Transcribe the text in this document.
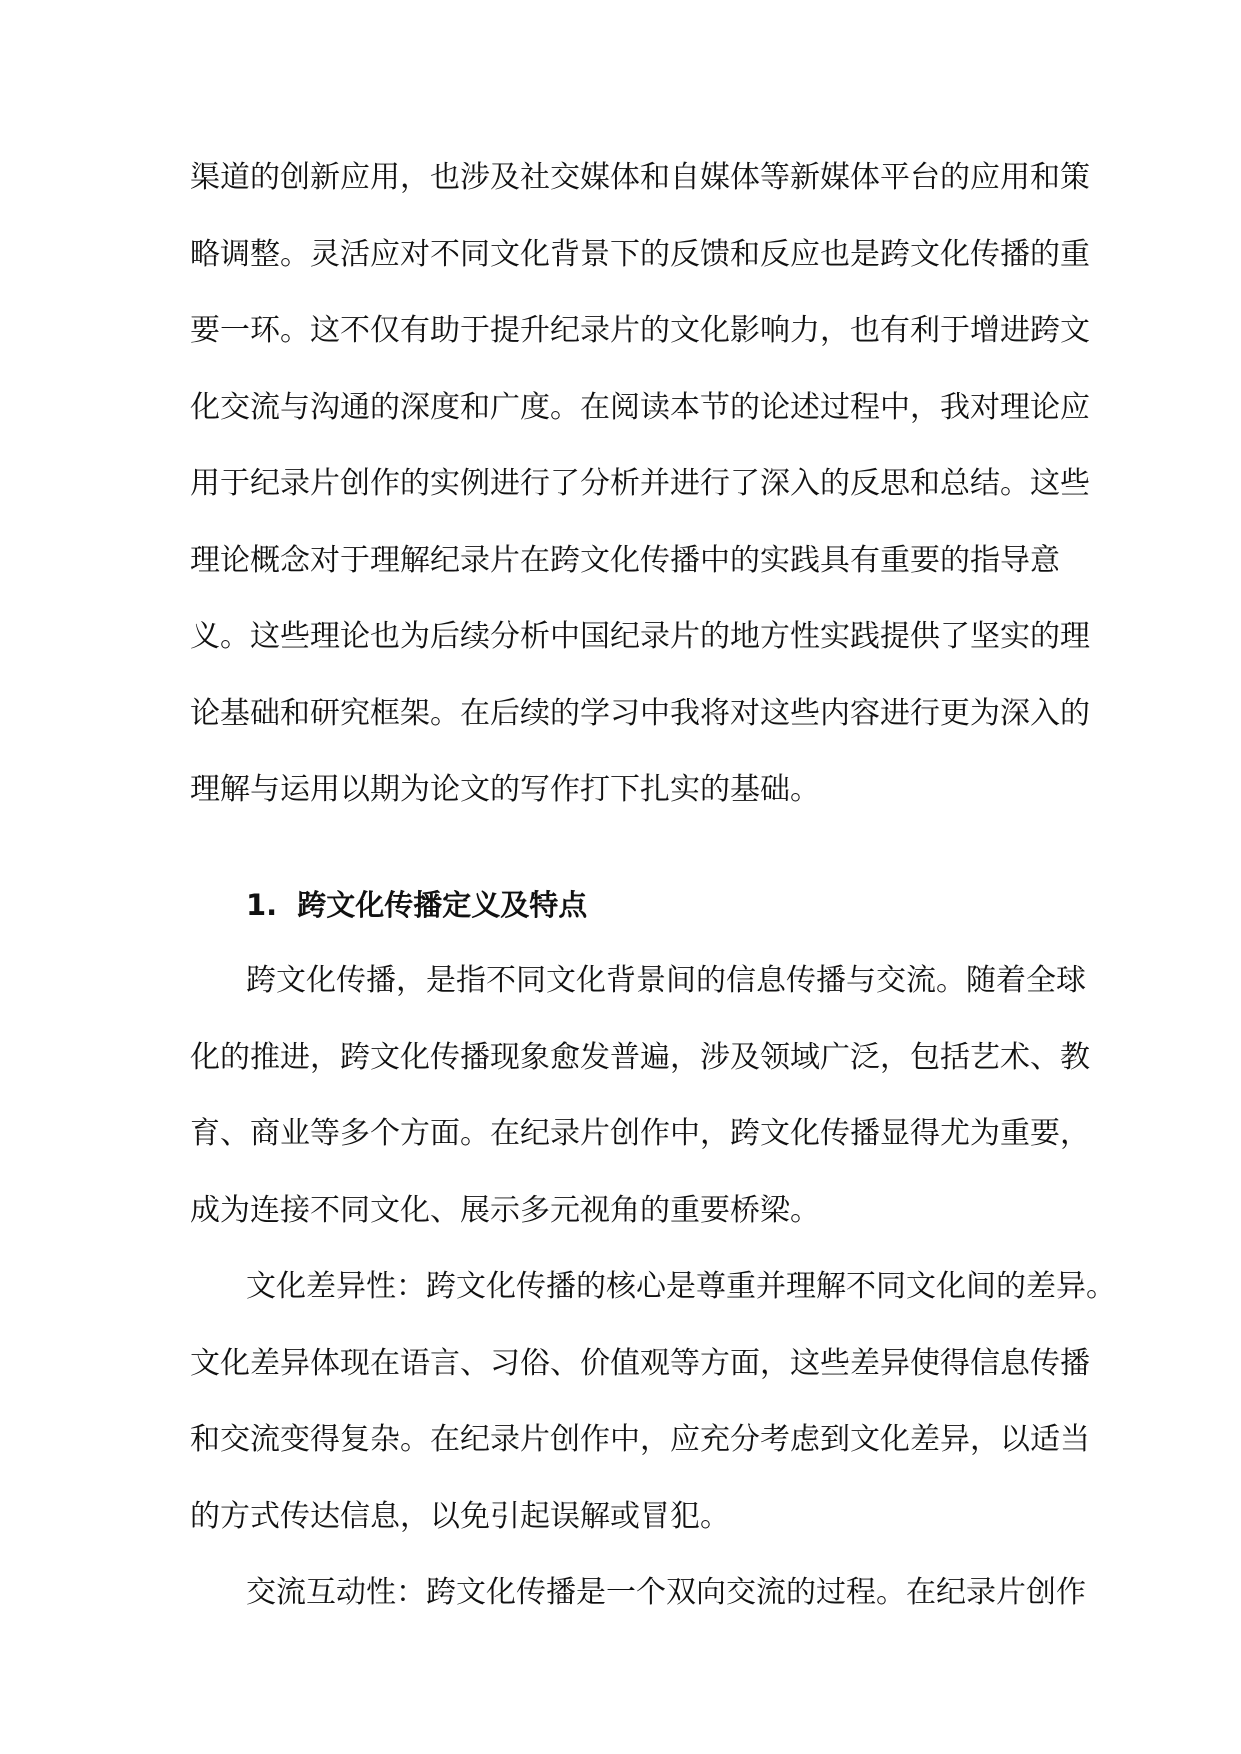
渠道的创新应用，也涉及社交媒体和自媒体等新媒体平台的应用和策
略调整。灵活应对不同文化背景下的反馈和反应也是跨文化传播的重
要一环。这不仅有助于提升纪录片的文化影响力，也有利于增进跨文
化交流与沟通的深度和广度。在阅读本节的论述过程中，我对理论应
用于纪录片创作的实例进行了分析并进行了深入的反思和总结。这些
理论概念对于理解纪录片在跨文化传播中的实践具有重要的指导意
义。这些理论也为后续分析中国纪录片的地方性实践提供了坚实的理
论基础和研究框架。在后续的学习中我将对这些内容进行更为深入的
理解与运用以期为论文的写作打下扎实的基础。
1. 跨文化传播定义及特点
跨文化传播，是指不同文化背景间的信息传播与交流。随着全球
化的推进，跨文化传播现象愈发普遍，涉及领域广泛，包括艺术、教
育、商业等多个方面。在纪录片创作中，跨文化传播显得尤为重要，
成为连接不同文化、展示多元视角的重要桥梁。
文化差异性：跨文化传播的核心是尊重并理解不同文化间的差异。
文化差异体现在语言、习俗、价值观等方面，这些差异使得信息传播
和交流变得复杂。在纪录片创作中，应充分考虑到文化差异，以适当
的方式传达信息，以免引起误解或冒犯。
交流互动性：跨文化传播是一个双向交流的过程。在纪录片创作
